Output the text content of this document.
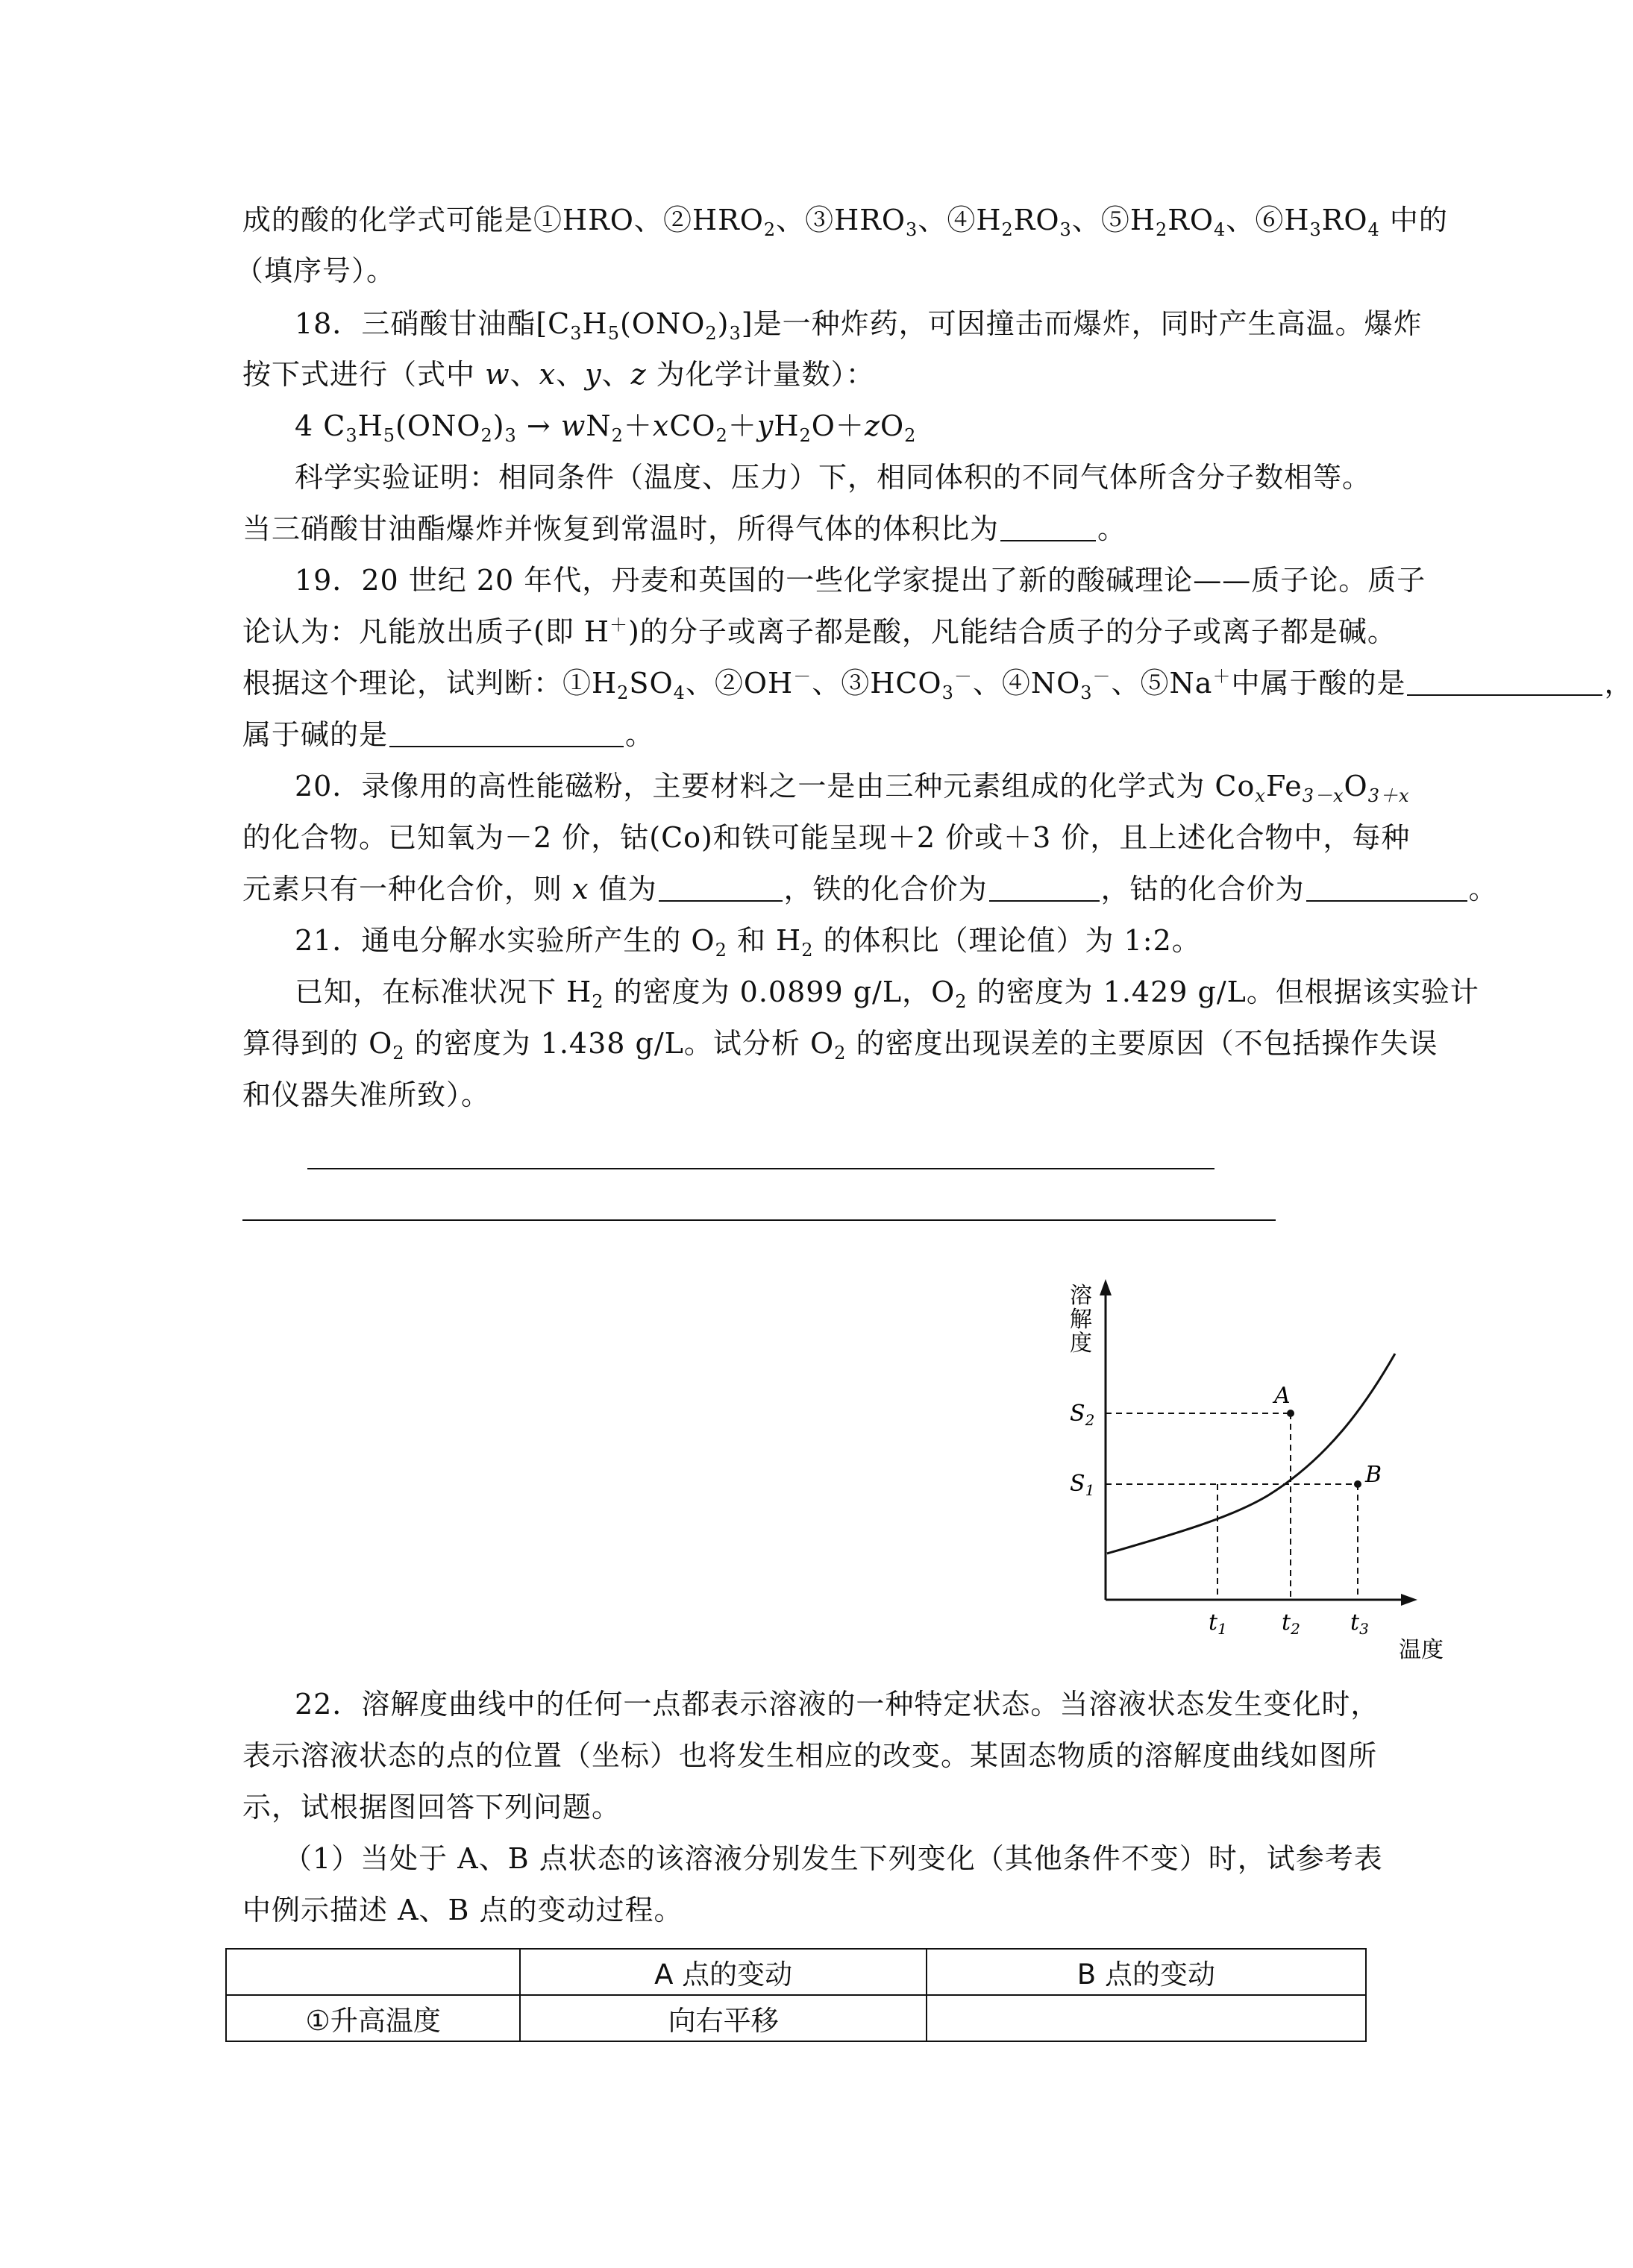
成的酸的化学式可能是①HRO、$②HRO_2$、$③HRO_3$、$④H_2RO_3$、$⑤H_2RO_4$、$⑥H_3RO_4$ 中的
（填序号）。
18．三硝酸甘油酯$[C_3H_5(ONO_2)_3]$是一种炸药，可因撞击而爆炸，同时产生高温。爆炸
按下式进行（式中 w、x、y、z 为化学计量数）：
4 $C_3H_5(ONO_2)_3 \to wN_2+xCO_2+yH_2O+zO_2$
科学实验证明：相同条件（温度、压力）下，相同体积的不同气体所含分子数相等。
当三硝酸甘油酯爆炸并恢复到常温时，所得气体的体积比为	。
19．20 世纪 20 年代，丹麦和英国的一些化学家提出了新的酸碱理论——质子论。质子
论认为：凡能放出质子(即 H＋)的分子或离子都是酸，凡能结合质子的分子或离子都是碱。
根据这个理论，试判断：$①H_2SO_4$、②OH－、$③HCO_3^-$、$④NO_3^-$、⑤Na＋中属于酸的是	，
属于碱的是	。
20．录像用的高性能磁粉，主要材料之一是由三种元素组成的化学式为 $Co_xFe_{3-x}O_{3+x}$
的化合物。已知氧为－2 价，钴(Co)和铁可能呈现＋2 价或＋3 价，且上述化合物中，每种
元素只有一种化合价，则 x 值为	，铁的化合价为	，钴的化合价为	。
21．通电分解水实验所产生的 $O_2$ 和 $H_2$ 的体积比（理论值）为 1:2。
已知，在标准状况下 $H_2$ 的密度为 0.0899 g/L，$O_2$ 的密度为 1.429 g/L。但根据该实验计
算得到的 $O_2$ 的密度为 1.438 g/L。试分析 $O_2$ 的密度出现误差的主要原因（不包括操作失误
和仪器失准所致）。
A
B
溶
解
度
$S_2$
$S_1$
$t_1$ $t_2$ $t_3$
温度
22．溶解度曲线中的任何一点都表示溶液的一种特定状态。当溶液状态发生变化时，
表示溶液状态的点的位置（坐标）也将发生相应的改变。某固态物质的溶解度曲线如图所
示，试根据图回答下列问题。
（1）当处于 A、B 点状态的该溶液分别发生下列变化（其他条件不变）时，试参考表
中例示描述 A、B 点的变动过程。
	A 点的变动	B 点的变动
①升高温度	向右平移	
